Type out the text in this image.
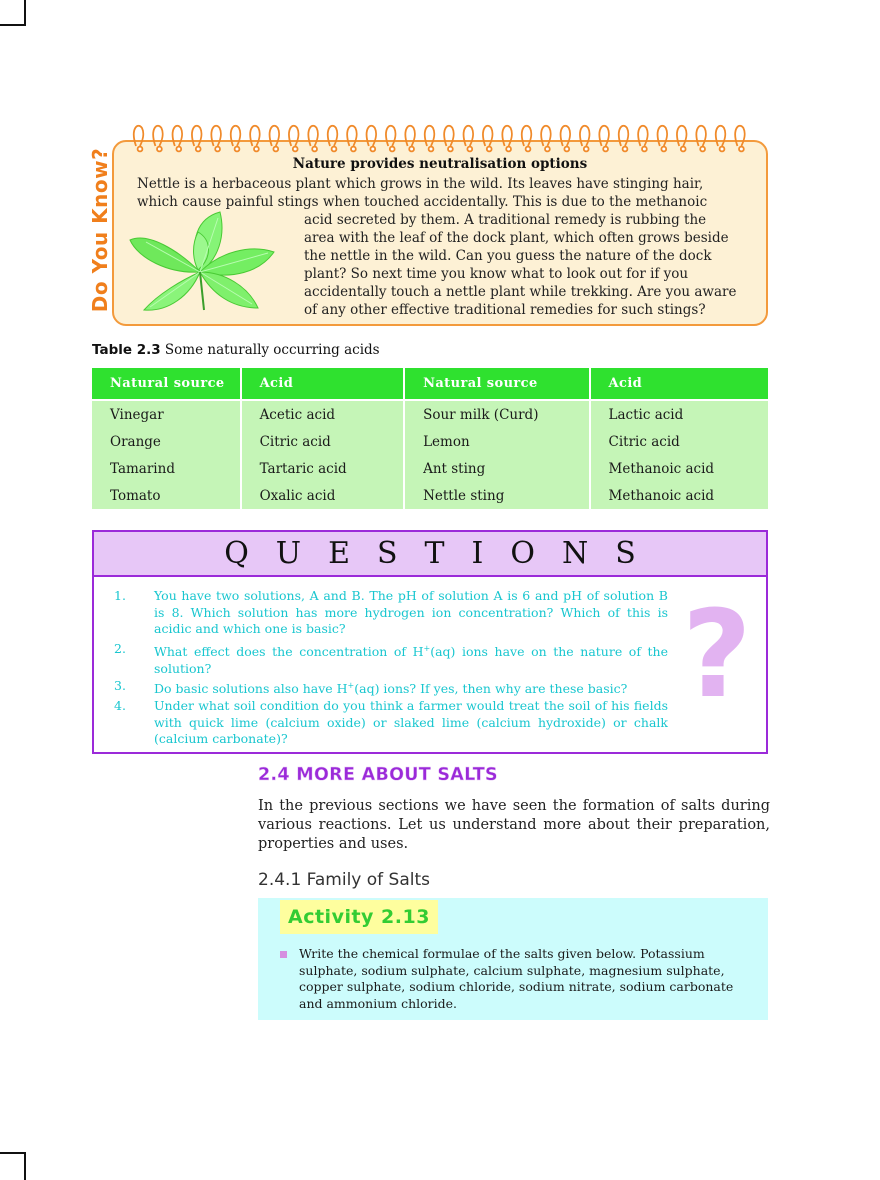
Do You Know?	Nature provides neutralisation options
Nettle is a herbaceous plant which grows in the wild. Its leaves have stinging hair,
which cause painful stings when touched accidentally. This is due to the methanoic
acid secreted by them. A traditional remedy is rubbing the
area with the leaf of the dock plant, which often grows beside
the nettle in the wild. Can you guess the nature of the dock
plant? So next time you know what to look out for if you
accidentally touch a nettle plant while trekking. Are you aware
of any other effective traditional remedies for such stings?
Table 2.3 Some naturally occurring acids
Natural source	Acid	Natural source	Acid
Vinegar	Acetic acid	Sour milk (Curd)	Lactic acid
Orange	Citric acid	Lemon	Citric acid
Tamarind	Tartaric acid	Ant sting	Methanoic acid
Tomato	Oxalic acid	Nettle sting	Methanoic acid
QUESTIONS
?
1.	You have two solutions, A and B. The pH of solution A is 6 and pH of solution B is 8. Which solution has more hydrogen ion concentration? Which of this is acidic and which one is basic?
2.	What effect does the concentration of H+(aq) ions have on the nature of the solution?
3.	Do basic solutions also have H+(aq) ions? If yes, then why are these basic?
4.	Under what soil condition do you think a farmer would treat the soil of his fields with quick lime (calcium oxide) or slaked lime (calcium hydroxide) or chalk (calcium carbonate)?
2.4 MORE ABOUT SALTS
In the previous sections we have seen the formation of salts during
various reactions. Let us understand more about their preparation,
properties and uses.
2.4.1 Family of Salts
Activity 2.13
Write the chemical formulae of the salts given below. Potassium sulphate, sodium sulphate, calcium sulphate, magnesium sulphate, copper sulphate, sodium chloride, sodium nitrate, sodium carbonate and ammonium chloride.
